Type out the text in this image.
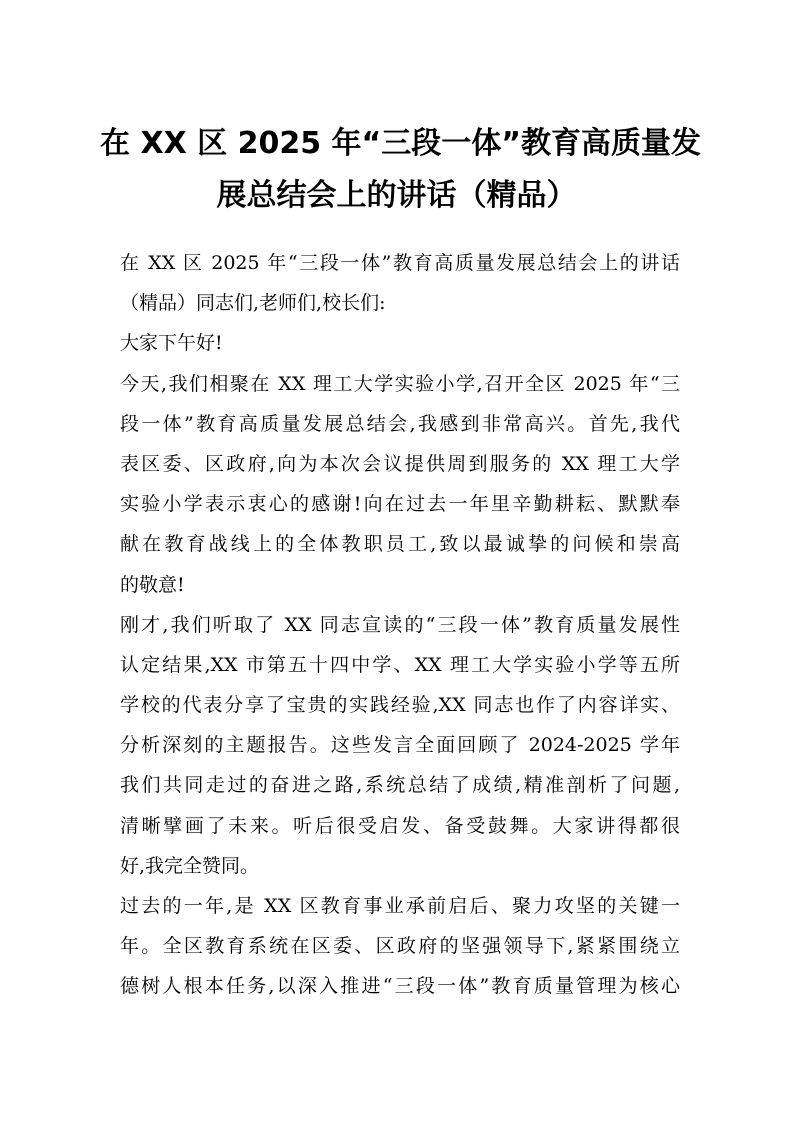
在 XX 区 2025 年“三段一体”教育高质量发
展总结会上的讲话（精品）
在 XX 区 2025 年“三段一体”教育高质量发展总结会上的讲话
（精品）同志们,老师们,校长们:
大家下午好!
今天,我们相聚在 XX 理工大学实验小学,召开全区 2025 年“三
段一体”教育高质量发展总结会,我感到非常高兴。首先,我代
表区委、区政府,向为本次会议提供周到服务的 XX 理工大学
实验小学表示衷心的感谢!向在过去一年里辛勤耕耘、默默奉
献在教育战线上的全体教职员工,致以最诚挚的问候和崇高
的敬意!
刚才,我们听取了 XX 同志宣读的“三段一体”教育质量发展性
认定结果,XX 市第五十四中学、XX 理工大学实验小学等五所
学校的代表分享了宝贵的实践经验,XX 同志也作了内容详实、
分析深刻的主题报告。这些发言全面回顾了 2024-2025 学年
我们共同走过的奋进之路,系统总结了成绩,精准剖析了问题,
清晰擘画了未来。听后很受启发、备受鼓舞。大家讲得都很
好,我完全赞同。
过去的一年,是 XX 区教育事业承前启后、聚力攻坚的关键一
年。全区教育系统在区委、区政府的坚强领导下,紧紧围绕立
德树人根本任务,以深入推进“三段一体”教育质量管理为核心
